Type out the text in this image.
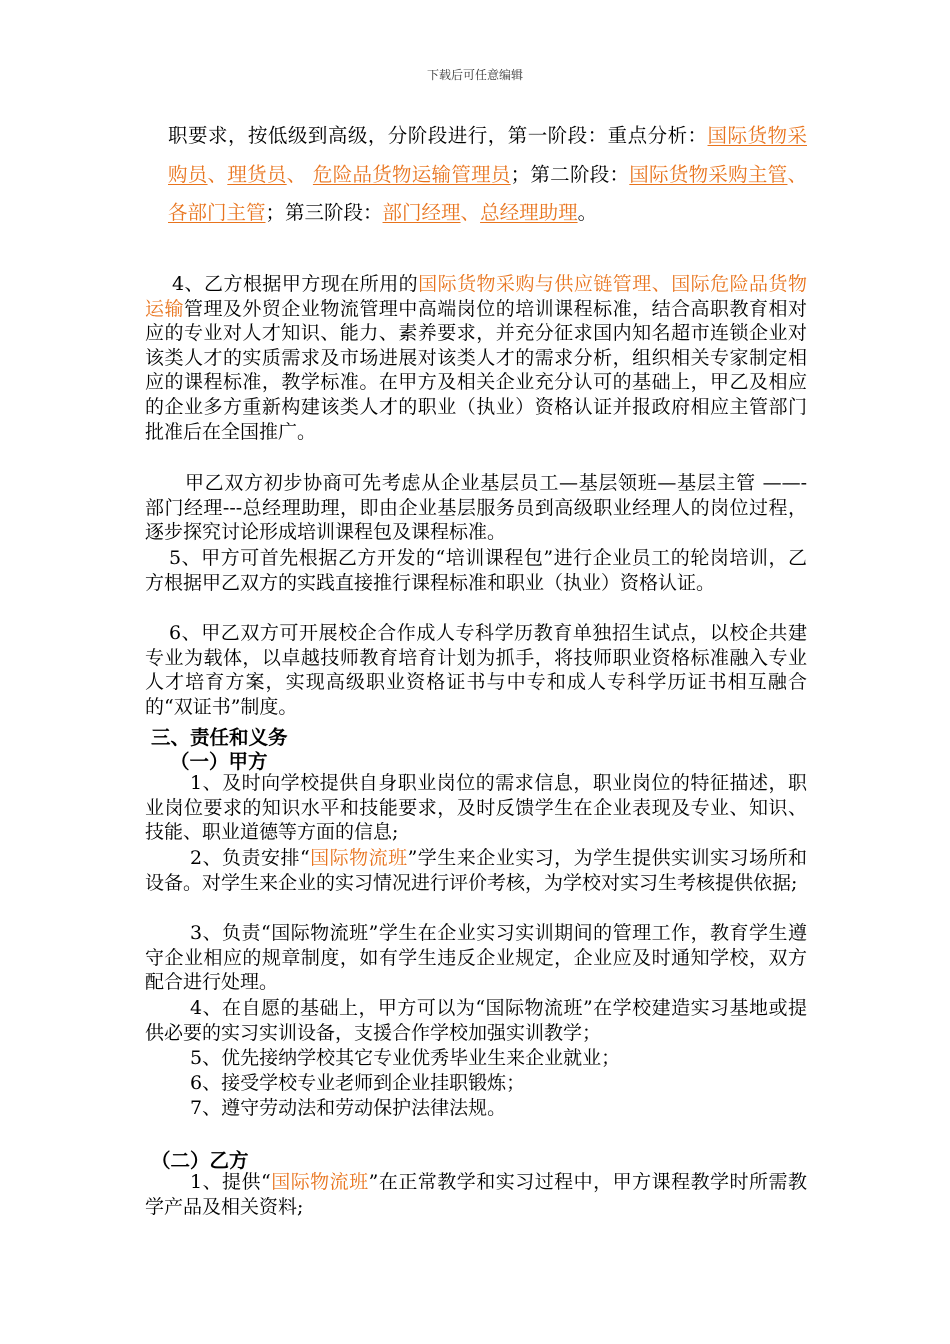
下载后可任意编辑

职要求，按低级到高级，分阶段进行，第一阶段：重点分析：国际货物采购员、理货员、 危险品货物运输管理员；第二阶段：国际货物采购主管、各部门主管；第三阶段：部门经理、总经理助理。

4、乙方根据甲方现在所用的国际货物采购与供应链管理、国际危险品货物运输管理及外贸企业物流管理中高端岗位的培训课程标准，结合高职教育相对应的专业对人才知识、能力、素养要求，并充分征求国内知名超市连锁企业对该类人才的实质需求及市场进展对该类人才的需求分析，组织相关专家制定相应的课程标准，教学标准。在甲方及相关企业充分认可的基础上，甲乙及相应的企业多方重新构建该类人才的职业（执业）资格认证并报政府相应主管部门批准后在全国推广。

甲乙双方初步协商可先考虑从企业基层员工—基层领班—基层主管 ——- 部门经理---总经理助理，即由企业基层服务员到高级职业经理人的岗位过程，逐步探究讨论形成培训课程包及课程标准。

5、甲方可首先根据乙方开发的“培训课程包”进行企业员工的轮岗培训，乙方根据甲乙双方的实践直接推行课程标准和职业（执业）资格认证。

6、甲乙双方可开展校企合作成人专科学历教育单独招生试点，以校企共建专业为载体，以卓越技师教育培育计划为抓手，将技师职业资格标准融入专业人才培育方案，实现高级职业资格证书与中专和成人专科学历证书相互融合的“双证书”制度。

三、责任和义务
（一）甲方

1、及时向学校提供自身职业岗位的需求信息，职业岗位的特征描述，职业岗位要求的知识水平和技能要求，及时反馈学生在企业表现及专业、知识、技能、职业道德等方面的信息;

2、负责安排“国际物流班”学生来企业实习，为学生提供实训实习场所和设备。对学生来企业的实习情况进行评价考核，为学校对实习生考核提供依据;

3、负责“国际物流班”学生在企业实习实训期间的管理工作，教育学生遵守企业相应的规章制度，如有学生违反企业规定，企业应及时通知学校，双方配合进行处理。

4、在自愿的基础上，甲方可以为“国际物流班”在学校建造实习基地或提供必要的实习实训设备，支援合作学校加强实训教学；

5、优先接纳学校其它专业优秀毕业生来企业就业；

6、接受学校专业老师到企业挂职锻炼；

7、遵守劳动法和劳动保护法律法规。

（二）乙方

1、提供“国际物流班”在正常教学和实习过程中，甲方课程教学时所需教学产品及相关资料;
